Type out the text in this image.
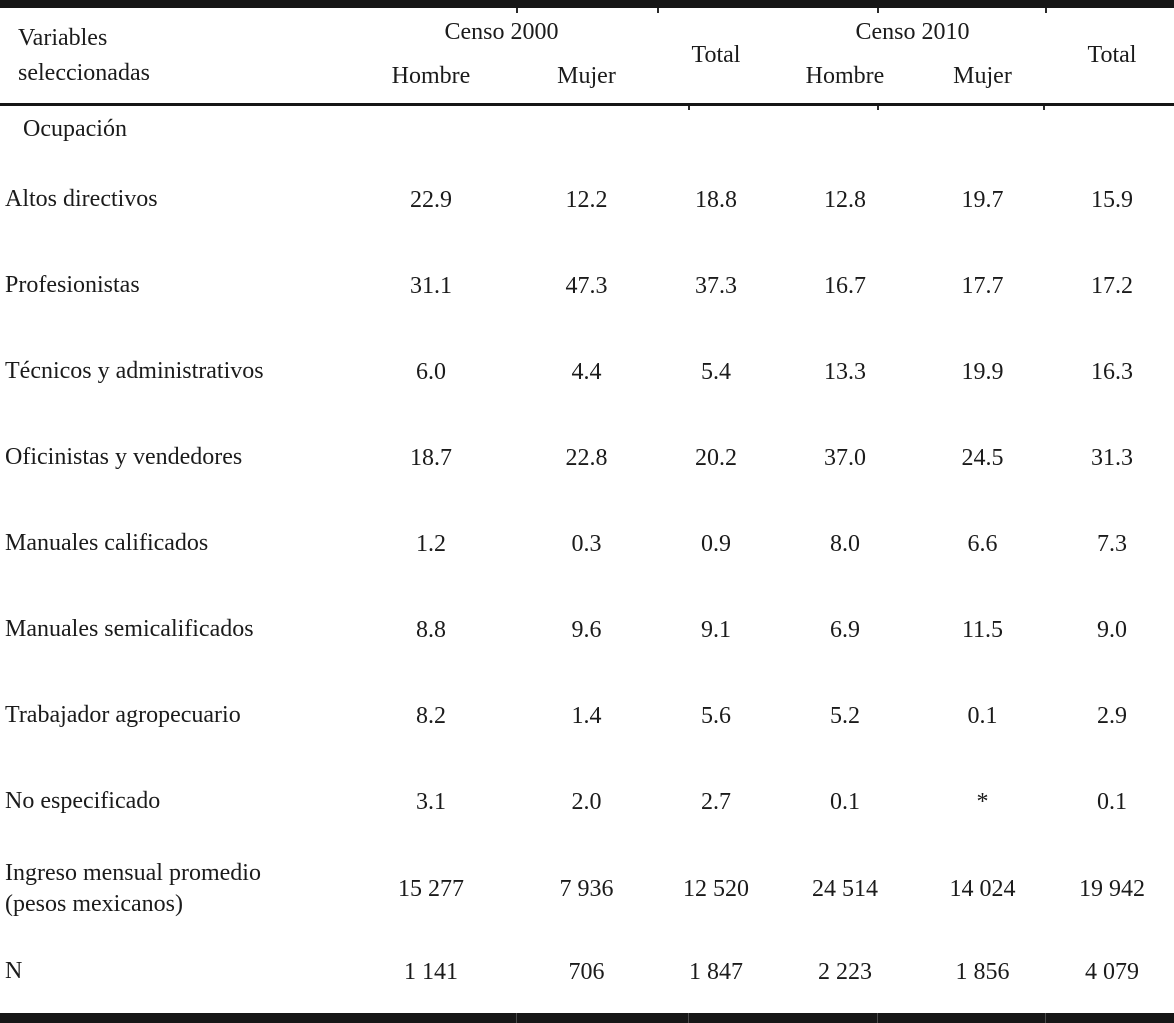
Variables
seleccionadas	Censo 2000		Total	Censo 2010		Total
	Hombre	Mujer		Hombre	Mujer	
Ocupación						
Altos directivos	22.9	12.2	18.8	12.8	19.7	15.9
Profesionistas	31.1	47.3	37.3	16.7	17.7	17.2
Técnicos y administrativos	6.0	4.4	5.4	13.3	19.9	16.3
Oficinistas y vendedores	18.7	22.8	20.2	37.0	24.5	31.3
Manuales calificados	1.2	0.3	0.9	8.0	6.6	7.3
Manuales semicalificados	8.8	9.6	9.1	6.9	11.5	9.0
Trabajador agropecuario	8.2	1.4	5.6	5.2	0.1	2.9
No especificado	3.1	2.0	2.7	0.1	*	0.1

Ingreso mensual promedio
(pesos mexicanos)	15 277	7 936	12 520	24 514	14 024	19 942
N	1 141	706	1 847	2 223	1 856	4 079
